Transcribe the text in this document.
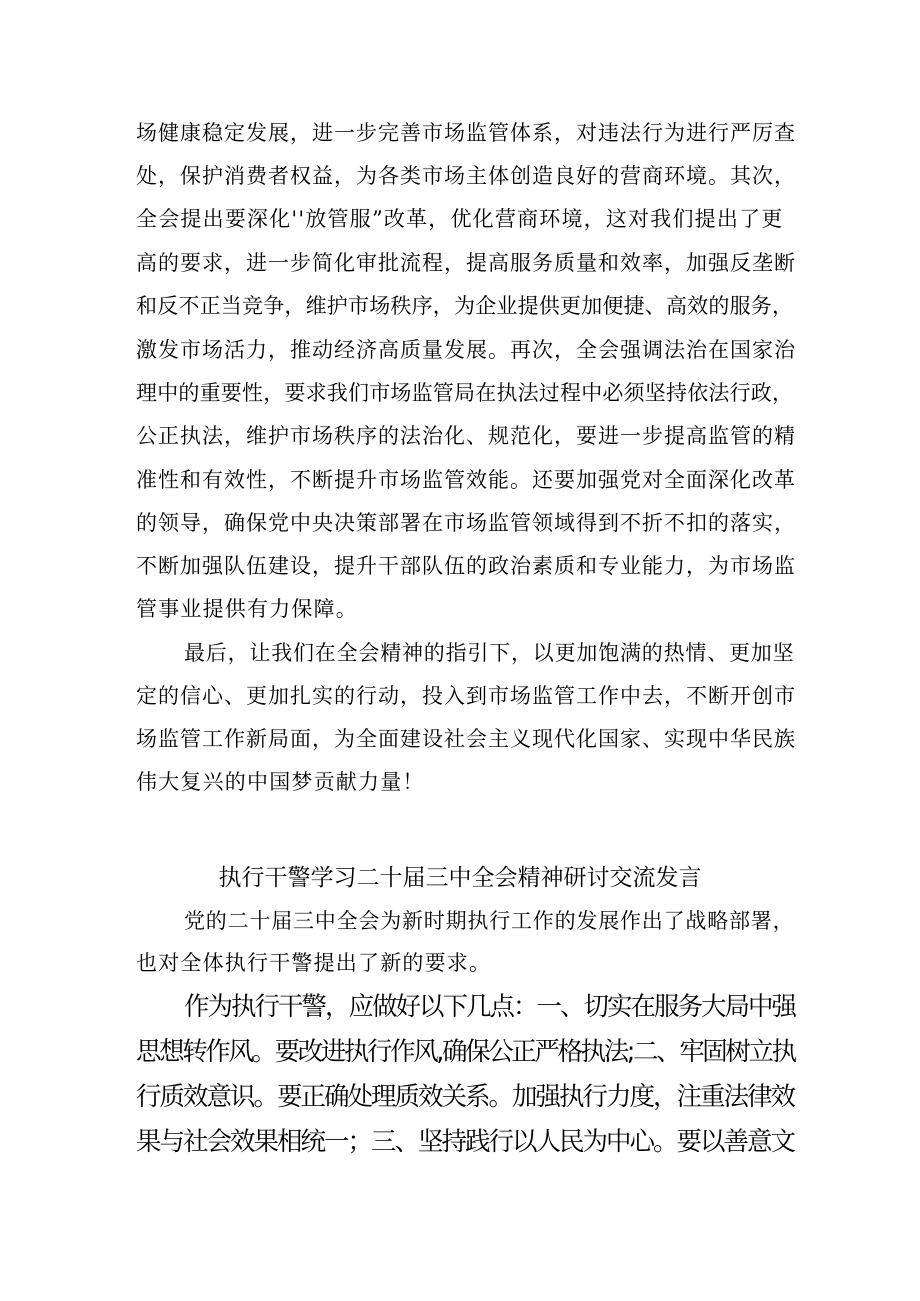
场健康稳定发展，进一步完善市场监管体系，对违法行为进行严厉查
处，保护消费者权益，为各类市场主体创造良好的营商环境。其次，
全会提出要深化''放管服”改革，优化营商环境，这对我们提出了更
高的要求，进一步简化审批流程，提高服务质量和效率，加强反垄断
和反不正当竞争，维护市场秩序，为企业提供更加便捷、高效的服务，
激发市场活力，推动经济高质量发展。再次，全会强调法治在国家治
理中的重要性，要求我们市场监管局在执法过程中必须坚持依法行政，
公正执法，维护市场秩序的法治化、规范化，要进一步提高监管的精
准性和有效性，不断提升市场监管效能。还要加强党对全面深化改革
的领导，确保党中央决策部署在市场监管领域得到不折不扣的落实，
不断加强队伍建设，提升干部队伍的政治素质和专业能力，为市场监
管事业提供有力保障。
最后，让我们在全会精神的指引下，以更加饱满的热情、更加坚
定的信心、更加扎实的行动，投入到市场监管工作中去，不断开创市
场监管工作新局面，为全面建设社会主义现代化国家、实现中华民族
伟大复兴的中国梦贡献力量！
执行干警学习二十届三中全会精神研讨交流发言
党的二十届三中全会为新时期执行工作的发展作出了战略部署，
也对全体执行干警提出了新的要求。
作为执行干警，应做好以下几点：一、切实在服务大局中强
思想转作风。要改进执行作风,确保公正严格执法;二、牢固树立执
行质效意识。要正确处理质效关系。加强执行力度，注重法律效
果与社会效果相统一；三、坚持践行以人民为中心。要以善意文
